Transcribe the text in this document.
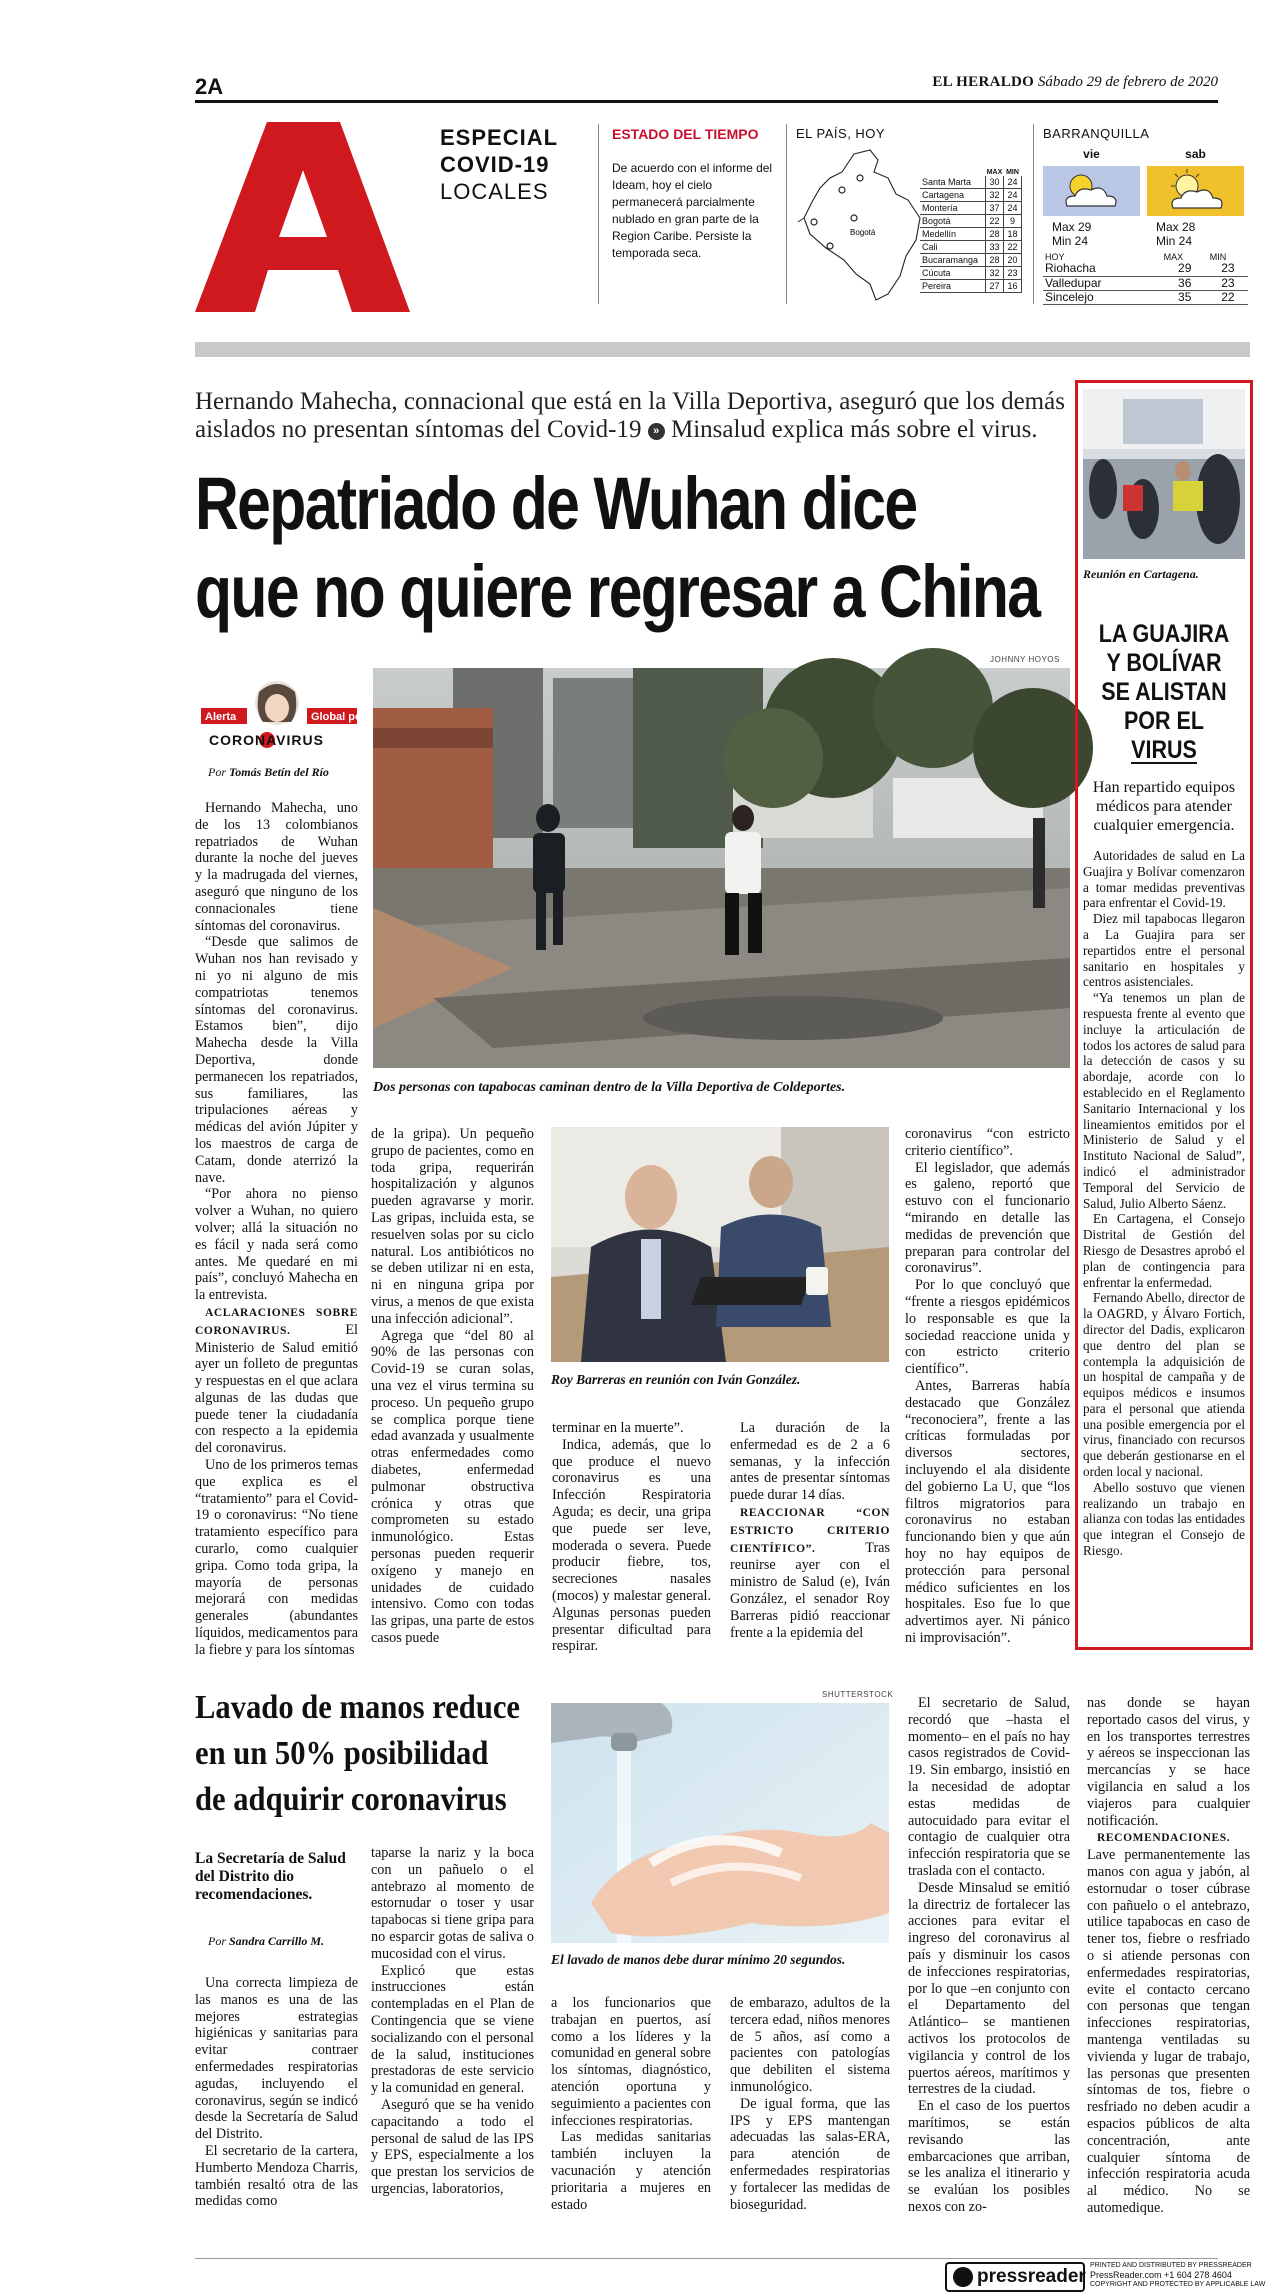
2A	EL HERALDO Sábado 29 de febrero de 2020
A
ESPECIAL
COVID-19
LOCALES
ESTADO DEL TIEMPO
De acuerdo con el informe del Ideam, hoy el cielo permanecerá parcialmente nublado en gran parte de la Region Caribe. Persiste la temporada seca.
EL PAÍS, HOY
Bogotá
	MAX	MIN
Santa Marta	30	24
Cartagena	32	24
Montería	37	24
Bogotá	22	9
Medellín	28	18
Cali	33	22
Bucaramanga	28	20
Cúcuta	32	23
Pereira	27	16
BARRANQUILLA
vie	sab
Max 29
Min 24
Max 28
Min 24
HOY	MAX	MIN
Riohacha	29	23
Valledupar	36	23
Sincelejo	35	22
Hernando Mahecha, connacional que está en la Villa Deportiva, aseguró que los demás aislados no presentan síntomas del Covid-19 » Minsalud explica más sobre el virus.
Repatriado de Wuhan dice
que no quiere regresar a China
Alerta	Global por
CORONAVIRUS
Por Tomás Betín del Río
JOHNNY HOYOS
Dos personas con tapabocas caminan dentro de la Villa Deportiva de Coldeportes.

Hernando Mahecha, uno de los 13 colombianos repatriados de Wuhan durante la noche del jueves y la madrugada del viernes, aseguró que ninguno de los connacionales tiene síntomas del coronavirus.

“Desde que salimos de Wuhan nos han revisado y ni yo ni alguno de mis compatriotas tenemos síntomas del coronavirus. Estamos bien”, dijo Mahecha desde la Villa Deportiva, donde permanecen los repatriados, sus familiares, las tripulaciones aéreas y médicas del avión Júpiter y los maestros de carga de Catam, donde aterrizó la nave.

“Por ahora no pienso volver a Wuhan, no quiero volver; allá la situación no es fácil y nada será como antes. Me quedaré en mi país”, concluyó Mahecha en la entrevista.

ACLARACIONES SOBRE CORONAVIRUS. El Ministerio de Salud emitió ayer un folleto de preguntas y respuestas en el que aclara algunas de las dudas que puede tener la ciudadanía con respecto a la epidemia del coronavirus.

Uno de los primeros temas que explica es el “tratamiento” para el Covid-19 o coronavirus: “No tiene tratamiento específico para curarlo, como cualquier gripa. Como toda gripa, la mayoría de personas mejorará con medidas generales (abundantes líquidos, medicamentos para la fiebre y para los síntomas

de la gripa). Un pequeño grupo de pacientes, como en toda gripa, requerirán hospitalización y algunos pueden agravarse y morir. Las gripas, incluida esta, se resuelven solas por su ciclo natural. Los antibióticos no se deben utilizar ni en esta, ni en ninguna gripa por virus, a menos de que exista una infección adicional”.

Agrega que “del 80 al 90% de las personas con Covid-19 se curan solas, una vez el virus termina su proceso. Un pequeño grupo se complica porque tiene edad avanzada y usualmente otras enfermedades como diabetes, enfermedad pulmonar obstructiva crónica y otras que comprometen su estado inmunológico. Estas personas pueden requerir oxígeno y manejo en unidades de cuidado intensivo. Como con todas las gripas, una parte de estos casos puede

Roy Barreras en reunión con Iván González.

terminar en la muerte”.

Indica, además, que lo que produce el nuevo coronavirus es una Infección Respiratoria Aguda; es decir, una gripa que puede ser leve, moderada o severa. Puede producir fiebre, tos, secreciones nasales (mocos) y malestar general. Algunas personas pueden presentar dificultad para respirar.

La duración de la enfermedad es de 2 a 6 semanas, y la infección antes de presentar síntomas puede durar 14 días.

REACCIONAR “CON ESTRICTO CRITERIO CIENTÍFICO”. Tras reunirse ayer con el ministro de Salud (e), Iván González, el senador Roy Barreras pidió reaccionar frente a la epidemia del

coronavirus “con estricto criterio científico”.

El legislador, que además es galeno, reportó que estuvo con el funcionario “mirando en detalle las medidas de prevención que preparan para controlar del coronavirus”.

Por lo que concluyó que “frente a riesgos epidémicos lo responsable es que la sociedad reaccione unida y con estricto criterio científico”.

Antes, Barreras había destacado que González “reconociera”, frente a las críticas formuladas por diversos sectores, incluyendo el ala disidente del gobierno La U, que “los filtros migratorios para coronavirus no estaban funcionando bien y que aún hoy no hay equipos de protección para personal médico suficientes en los hospitales. Eso fue lo que advertimos ayer. Ni pánico ni improvisación”.

Reunión en Cartagena.
LA GUAJIRA
Y BOLÍVAR
SE ALISTAN
POR EL VIRUS
Han repartido equipos médicos para atender cualquier emergencia.

Autoridades de salud en La Guajira y Bolívar comenzaron a tomar medidas preventivas para enfrentar el Covid-19.

Diez mil tapabocas llegaron a La Guajira para ser repartidos entre el personal sanitario en hospitales y centros asistenciales.

“Ya tenemos un plan de respuesta frente al evento que incluye la articulación de todos los actores de salud para la detección de casos y su abordaje, acorde con lo establecido en el Reglamento Sanitario Internacional y los lineamientos emitidos por el Ministerio de Salud y el Instituto Nacional de Salud”, indicó el administrador Temporal del Servicio de Salud, Julio Alberto Sáenz.

En Cartagena, el Consejo Distrital de Gestión del Riesgo de Desastres aprobó el plan de contingencia para enfrentar la enfermedad.

Fernando Abello, director de la OAGRD, y Álvaro Fortich, director del Dadis, explicaron que dentro del plan se contempla la adquisición de un hospital de campaña y de equipos médicos e insumos para el personal que atienda una posible emergencia por el virus, financiado con recursos que deberán gestionarse en el orden local y nacional.

Abello sostuvo que vienen realizando un trabajo en alianza con todas las entidades que integran el Consejo de Riesgo.

Lavado de manos reduce
en un 50% posibilidad
de adquirir coronavirus
La Secretaría de Salud del Distrito dio recomendaciones.
Por Sandra Carrillo M.
SHUTTERSTOCK
El lavado de manos debe durar mínimo 20 segundos.

Una correcta limpieza de las manos es una de las mejores estrategias higiénicas y sanitarias para evitar contraer enfermedades respiratorias agudas, incluyendo el coronavirus, según se indicó desde la Secretaría de Salud del Distrito.

El secretario de la cartera, Humberto Mendoza Charris, también resaltó otra de las medidas como

taparse la nariz y la boca con un pañuelo o el antebrazo al momento de estornudar o toser y usar tapabocas si tiene gripa para no esparcir gotas de saliva o mucosidad con el virus.

Explicó que estas instrucciones están contempladas en el Plan de Contingencia que se viene socializando con el personal de la salud, instituciones prestadoras de este servicio y la comunidad en general.

Aseguró que se ha venido capacitando a todo el personal de salud de las IPS y EPS, especialmente a los que prestan los servicios de urgencias, laboratorios,

a los funcionarios que trabajan en puertos, así como a los líderes y la comunidad en general sobre los síntomas, diagnóstico, atención oportuna y seguimiento a pacientes con infecciones respiratorias.

Las medidas sanitarias también incluyen la vacunación y atención prioritaria a mujeres en estado

de embarazo, adultos de la tercera edad, niños menores de 5 años, así como a pacientes con patologías que debiliten el sistema inmunológico.

De igual forma, que las IPS y EPS mantengan adecuadas las salas-ERA, para atención de enfermedades respiratorias y fortalecer las medidas de bioseguridad.

El secretario de Salud, recordó que –hasta el momento– en el país no hay casos registrados de Covid-19. Sin embargo, insistió en la necesidad de adoptar estas medidas de autocuidado para evitar el contagio de cualquier otra infección respiratoria que se traslada con el contacto.

Desde Minsalud se emitió la directriz de fortalecer las acciones para evitar el ingreso del coronavirus al país y disminuir los casos de infecciones respiratorias, por lo que –en conjunto con el Departamento del Atlántico– se mantienen activos los protocolos de vigilancia y control de los puertos aéreos, marítimos y terrestres de la ciudad.

En el caso de los puertos marítimos, se están revisando las embarcaciones que arriban, se les analiza el itinerario y se evalúan los posibles nexos con zo-

nas donde se hayan reportado casos del virus, y en los transportes terrestres y aéreos se inspeccionan las mercancías y se hace vigilancia en salud a los viajeros para cualquier notificación.

RECOMENDACIONES. Lave permanentemente las manos con agua y jabón, al estornudar o toser cúbrase con pañuelo o el antebrazo, utilice tapabocas en caso de tener tos, fiebre o resfriado o si atiende personas con enfermedades respiratorias, evite el contacto cercano con personas que tengan infecciones respiratorias, mantenga ventiladas su vivienda y lugar de trabajo, las personas que presenten síntomas de tos, fiebre o resfriado no deben acudir a espacios públicos de alta concentración, ante cualquier síntoma de infección respiratoria acuda al médico. No se automedique.

pressreader
PRINTED AND DISTRIBUTED BY PRESSREADER
PressReader.com +1 604 278 4604
COPYRIGHT AND PROTECTED BY APPLICABLE LAW
